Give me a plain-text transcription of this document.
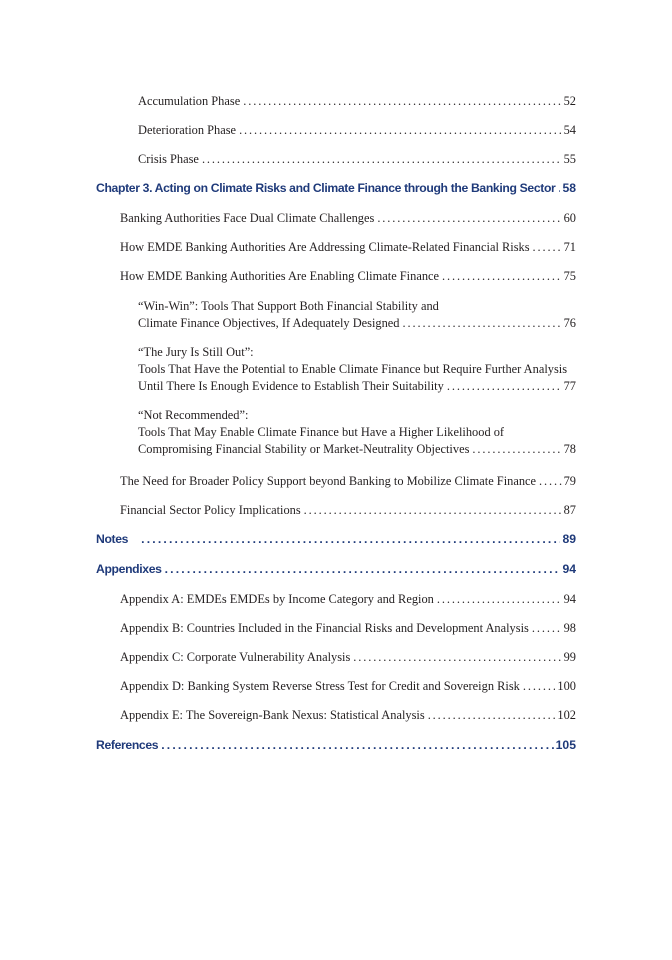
Accumulation Phase . . .	52
Deterioration Phase . . .	54
Crisis Phase . . .	55
Chapter 3. Acting on Climate Risks and Climate Finance through the Banking Sector . . . 58
Banking Authorities Face Dual Climate Challenges . . .	60
How EMDE Banking Authorities Are Addressing Climate-Related Financial Risks . . .	71
How EMDE Banking Authorities Are Enabling Climate Finance . . .	75
“Win-Win”: Tools That Support Both Financial Stability and
Climate Finance Objectives, If Adequately Designed . . .	76
“The Jury Is Still Out”:
Tools That Have the Potential to Enable Climate Finance but Require Further Analysis
Until There Is Enough Evidence to Establish Their Suitability . . .	77
“Not Recommended”:
Tools That May Enable Climate Finance but Have a Higher Likelihood of
Compromising Financial Stability or Market-Neutrality Objectives . . .	78
The Need for Broader Policy Support beyond Banking to Mobilize Climate Finance . . . 79
Financial Sector Policy Implications . . .	87
Notes . . .	89
Appendixes . . .	94
Appendix A: EMDEs EMDEs by Income Category and Region . . .	94
Appendix B: Countries Included in the Financial Risks and Development Analysis . . .	98
Appendix C: Corporate Vulnerability Analysis . . .	99
Appendix D: Banking System Reverse Stress Test for Credit and Sovereign Risk . . .	100
Appendix E: The Sovereign-Bank Nexus: Statistical Analysis . . .	102
References . . .	105
